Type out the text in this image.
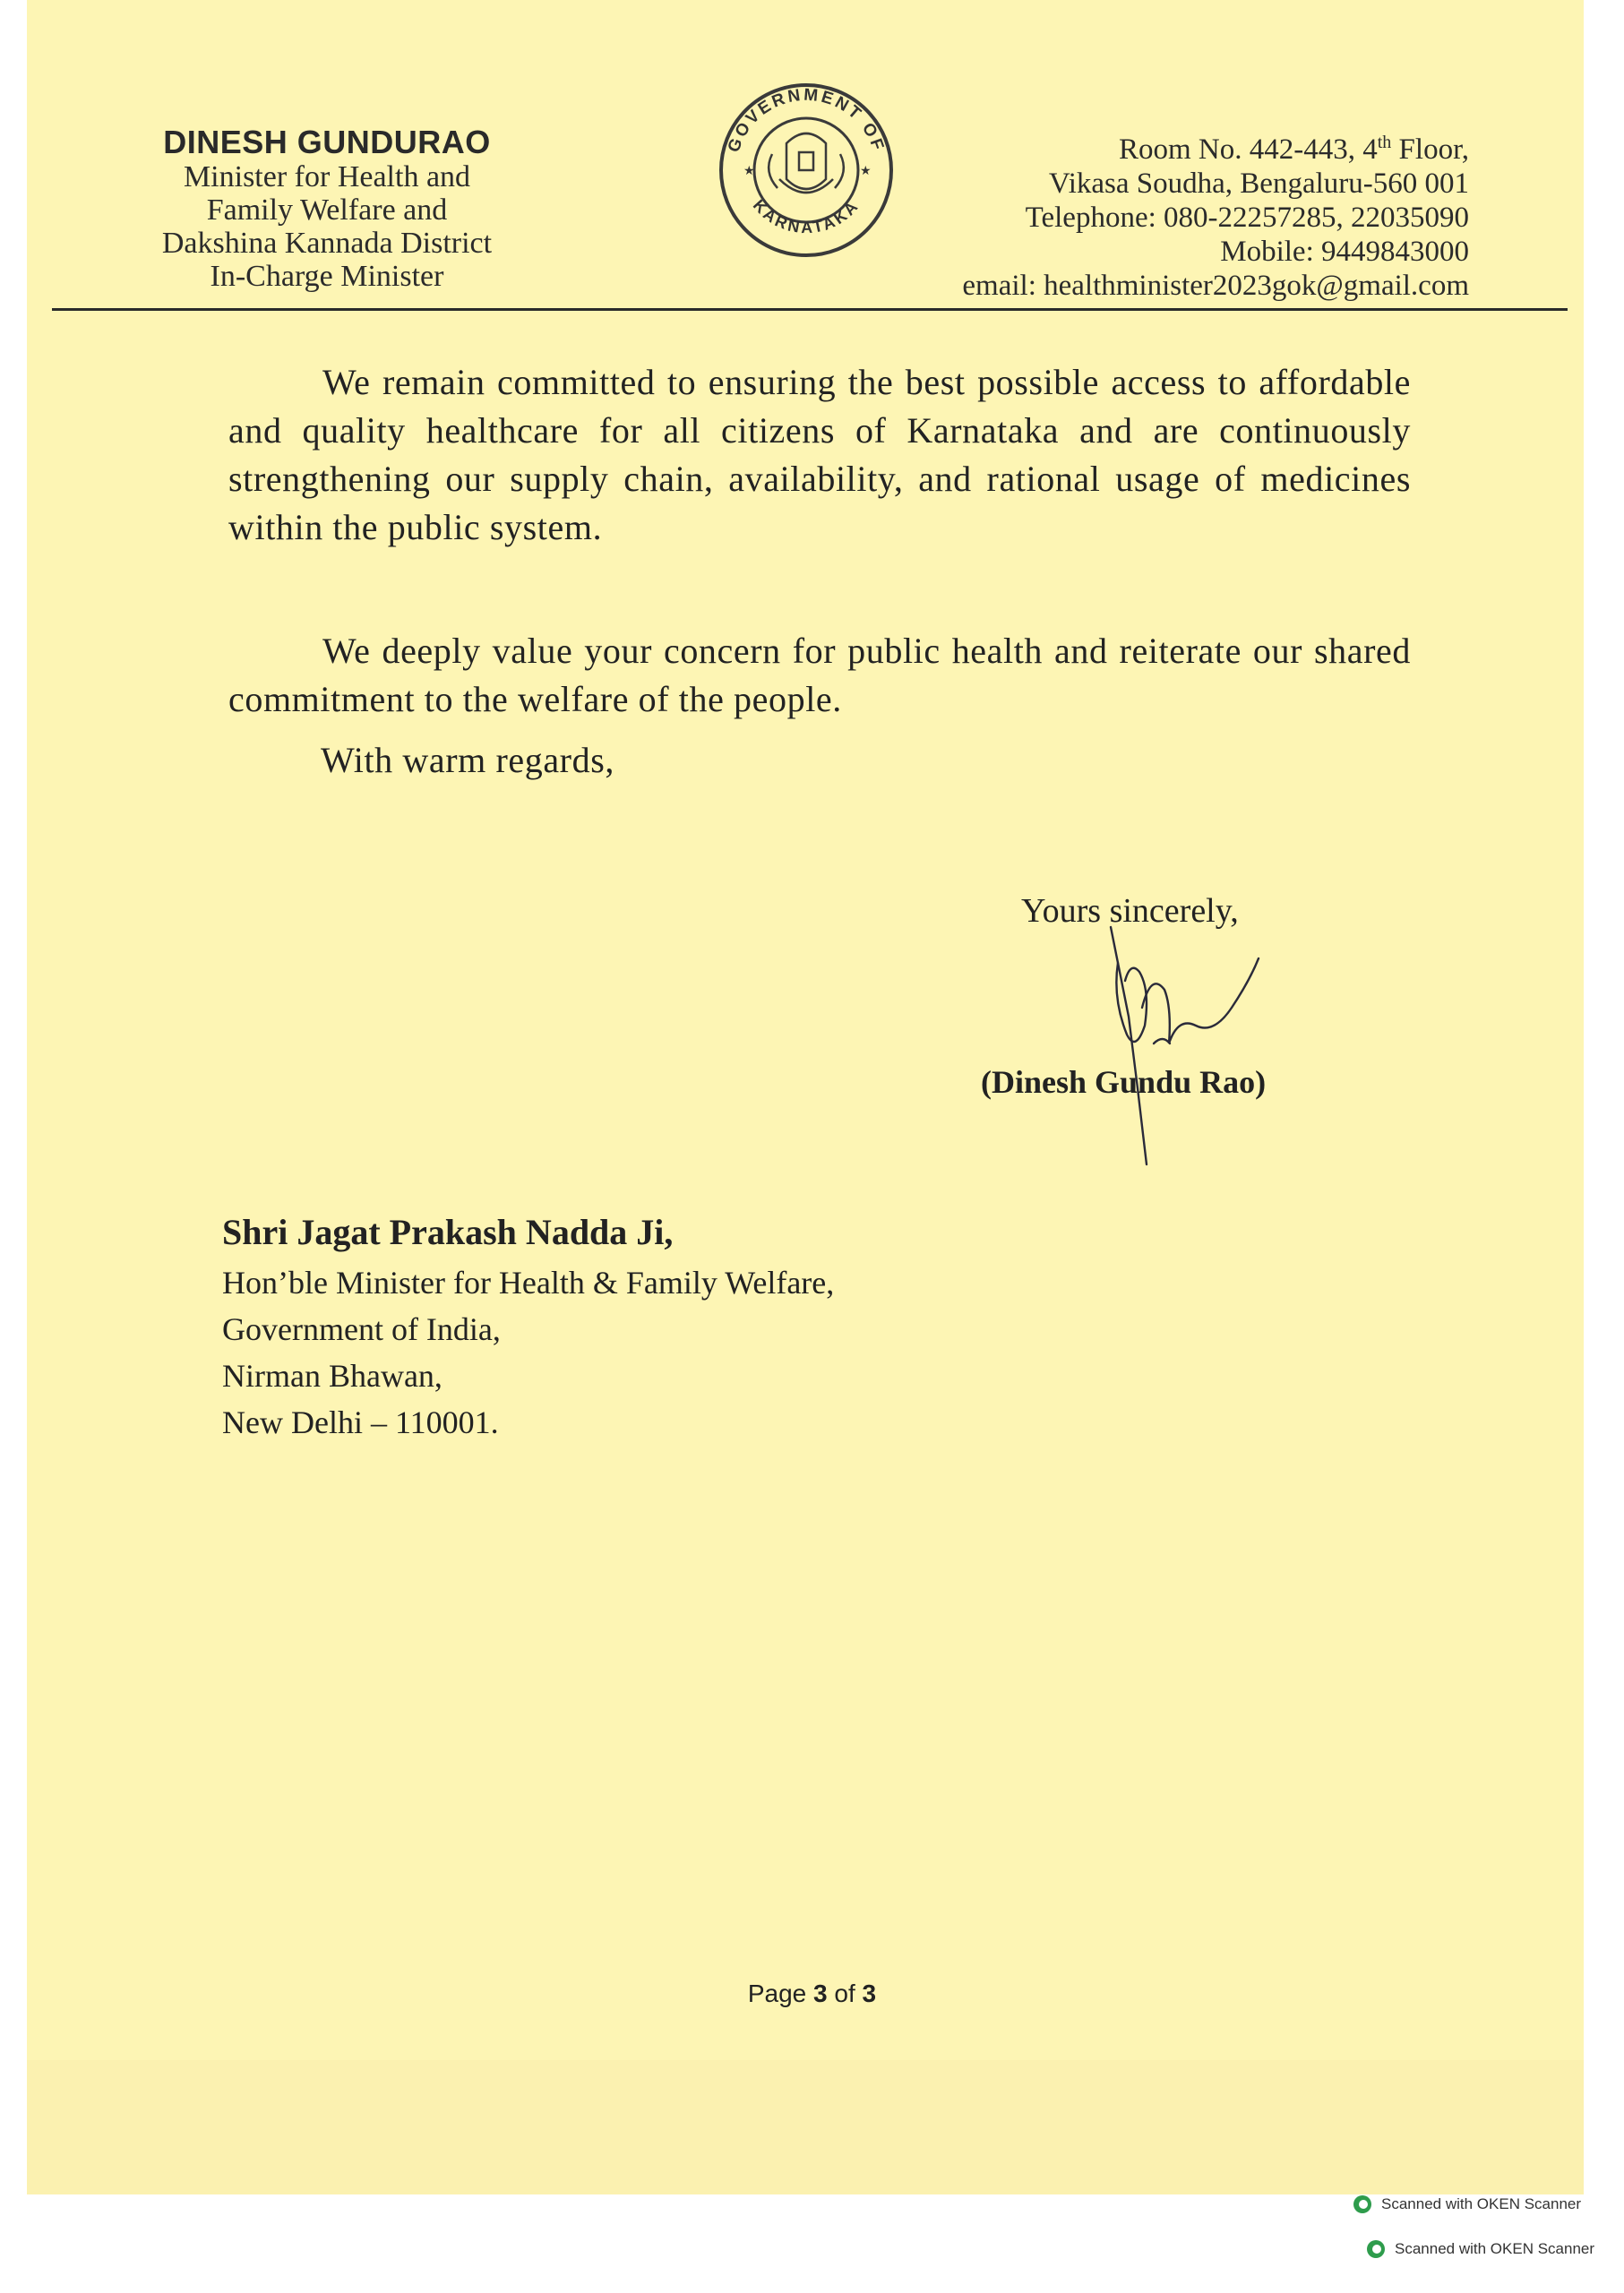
DINESH GUNDURAO
Minister for Health and
Family Welfare and
Dakshina Kannada District
In-Charge Minister
GOVERNMENT OF
KARNATAKA
★	★
Room No. 442-443, 4th Floor,
Vikasa Soudha, Bengaluru-560 001
Telephone: 080-22257285, 22035090
Mobile: 9449843000
email: healthminister2023gok@gmail.com
We remain committed to ensuring the best possible access to affordable and quality healthcare for all citizens of Karnataka and are continuously strengthening our supply chain, availability, and rational usage of medicines within the public system.
We deeply value your concern for public health and reiterate our shared commitment to the welfare of the people.
With warm regards,
Yours sincerely,
(Dinesh Gundu Rao)
Shri Jagat Prakash Nadda Ji,
Hon’ble Minister for Health & Family Welfare,
Government of India,
Nirman Bhawan,
New Delhi – 110001.
Page 3 of 3
Scanned with OKEN Scanner
Scanned with OKEN Scanner
